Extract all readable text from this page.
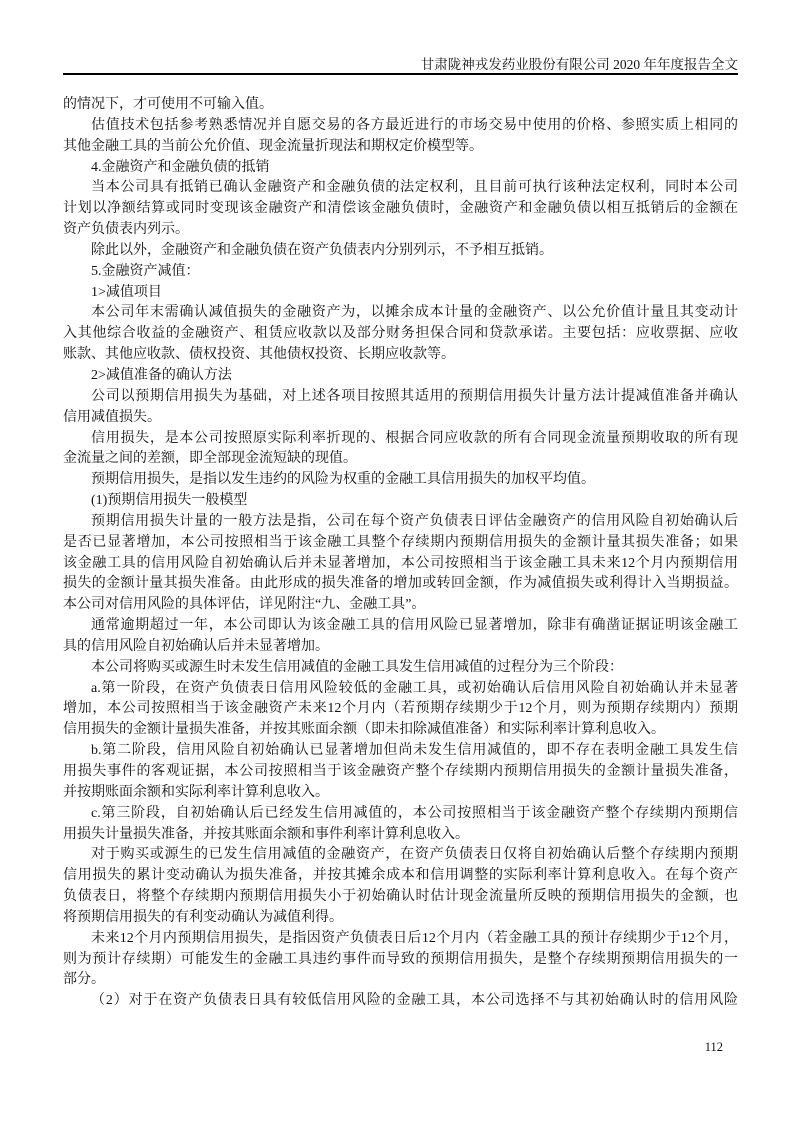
甘肃陇神戎发药业股份有限公司 2020 年年度报告全文
的情况下，才可使用不可输入值。
估值技术包括参考熟悉情况并自愿交易的各方最近进行的市场交易中使用的价格、参照实质上相同的
其他金融工具的当前公允价值、现金流量折现法和期权定价模型等。
4.金融资产和金融负债的抵销
当本公司具有抵销已确认金融资产和金融负债的法定权利，且目前可执行该种法定权利，同时本公司
计划以净额结算或同时变现该金融资产和清偿该金融负债时，金融资产和金融负债以相互抵销后的金额在
资产负债表内列示。
除此以外，金融资产和金融负债在资产负债表内分别列示，不予相互抵销。
5.金融资产减值：
1>减值项目
本公司年末需确认减值损失的金融资产为，以摊余成本计量的金融资产、以公允价值计量且其变动计
入其他综合收益的金融资产、租赁应收款以及部分财务担保合同和贷款承诺。主要包括：应收票据、应收
账款、其他应收款、债权投资、其他债权投资、长期应收款等。
2>减值准备的确认方法
公司以预期信用损失为基础，对上述各项目按照其适用的预期信用损失计量方法计提减值准备并确认
信用减值损失。
信用损失，是本公司按照原实际利率折现的、根据合同应收款的所有合同现金流量预期收取的所有现
金流量之间的差额，即全部现金流短缺的现值。
预期信用损失，是指以发生违约的风险为权重的金融工具信用损失的加权平均值。
(1)预期信用损失一般模型
预期信用损失计量的一般方法是指，公司在每个资产负债表日评估金融资产的信用风险自初始确认后
是否已显著增加，本公司按照相当于该金融工具整个存续期内预期信用损失的金额计量其损失准备；如果
该金融工具的信用风险自初始确认后并未显著增加，本公司按照相当于该金融工具未来12个月内预期信用
损失的金额计量其损失准备。由此形成的损失准备的增加或转回金额，作为减值损失或利得计入当期损益。
本公司对信用风险的具体评估，详见附注“九、金融工具”。
通常逾期超过一年，本公司即认为该金融工具的信用风险已显著增加，除非有确凿证据证明该金融工
具的信用风险自初始确认后并未显著增加。
本公司将购买或源生时未发生信用减值的金融工具发生信用减值的过程分为三个阶段：
a.第一阶段，在资产负债表日信用风险较低的金融工具，或初始确认后信用风险自初始确认并未显著
增加，本公司按照相当于该金融资产未来12个月内（若预期存续期少于12个月，则为预期存续期内）预期
信用损失的金额计量损失准备，并按其账面余额（即未扣除减值准备）和实际利率计算利息收入。
b.第二阶段，信用风险自初始确认已显著增加但尚未发生信用减值的，即不存在表明金融工具发生信
用损失事件的客观证据，本公司按照相当于该金融资产整个存续期内预期信用损失的金额计量损失准备，
并按期账面余额和实际利率计算利息收入。
c.第三阶段，自初始确认后已经发生信用减值的，本公司按照相当于该金融资产整个存续期内预期信
用损失计量损失准备，并按其账面余额和事件利率计算利息收入。
对于购买或源生的已发生信用减值的金融资产，在资产负债表日仅将自初始确认后整个存续期内预期
信用损失的累计变动确认为损失准备，并按其摊余成本和信用调整的实际利率计算利息收入。在每个资产
负债表日，将整个存续期内预期信用损失小于初始确认时估计现金流量所反映的预期信用损失的金额，也
将预期信用损失的有利变动确认为减值利得。
未来12个月内预期信用损失，是指因资产负债表日后12个月内（若金融工具的预计存续期少于12个月，
则为预计存续期）可能发生的金融工具违约事件而导致的预期信用损失，是整个存续期预期信用损失的一
部分。
（2）对于在资产负债表日具有较低信用风险的金融工具，本公司选择不与其初始确认时的信用风险
112
